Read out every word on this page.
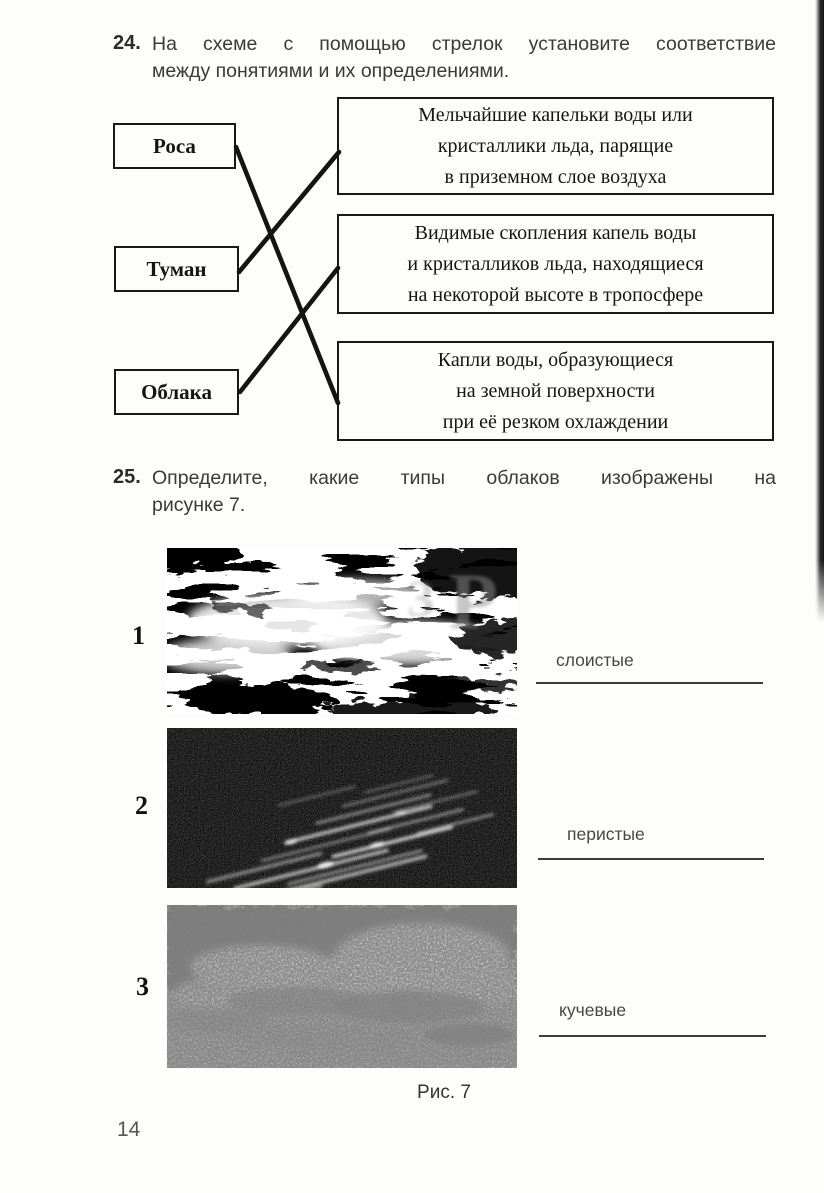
24. На схеме с помощью стрелок установите соответствие
между понятиями и их определениями.
Роса
Туман
Облака
Мельчайшие капельки воды или
кристаллики льда, парящие
в приземном слое воздуха
Видимые скопления капель воды
и кристалликов льда, находящиеся
на некоторой высоте в тропосфере
Капли воды, образующиеся
на земной поверхности
при её резком охлаждении
25. Определите, какие типы облаков изображены на
рисунке 7.
1
2
3
Р
З
слоистые
перистые
кучевые
Рис. 7
14
